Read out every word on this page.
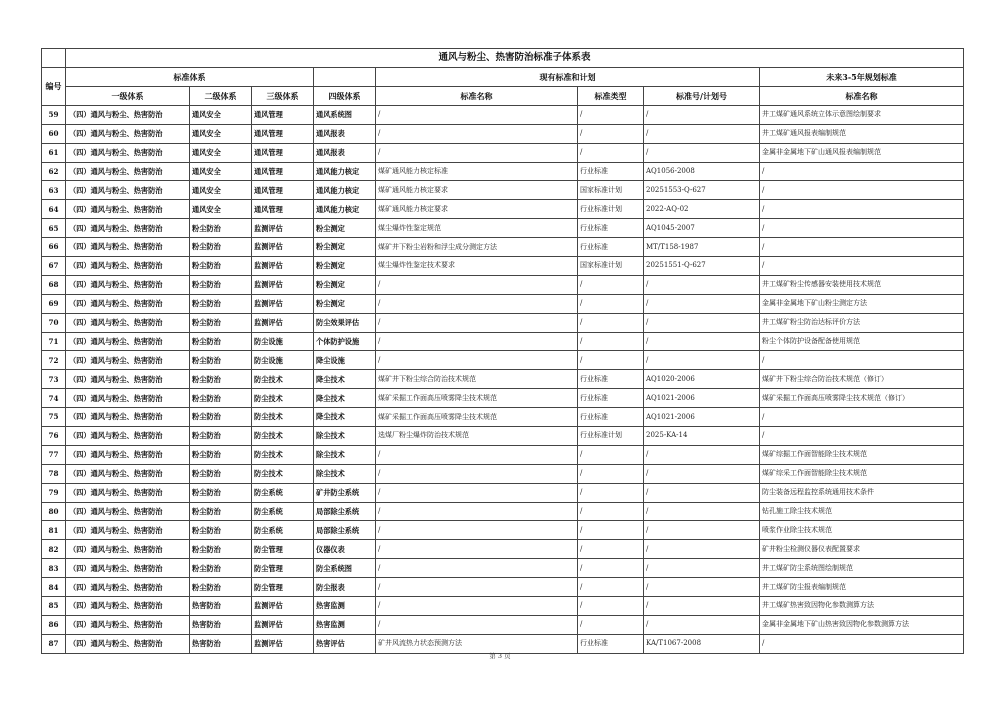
	通风与粉尘、热害防治标准子体系表							
编号	标准体系				现有标准和计划			未来3-5年规划标准
	一级体系	二级体系	三级体系	四级体系	标准名称	标准类型	标准号/计划号	标准名称
59	（四）通风与粉尘、热害防治	通风安全	通风管理	通风系统图	/	/	/	井工煤矿通风系统立体示意图绘制要求
60	（四）通风与粉尘、热害防治	通风安全	通风管理	通风报表	/	/	/	井工煤矿通风报表编制规范
61	（四）通风与粉尘、热害防治	通风安全	通风管理	通风报表	/	/	/	金属非金属地下矿山通风报表编制规范
62	（四）通风与粉尘、热害防治	通风安全	通风管理	通风能力核定	煤矿通风能力核定标准	行业标准	AQ1056-2008	/
63	（四）通风与粉尘、热害防治	通风安全	通风管理	通风能力核定	煤矿通风能力核定要求	国家标准计划	20251553-Q-627	/
64	（四）通风与粉尘、热害防治	通风安全	通风管理	通风能力核定	煤矿通风能力核定要求	行业标准计划	2022-AQ-02	/
65	（四）通风与粉尘、热害防治	粉尘防治	监测评估	粉尘测定	煤尘爆炸性鉴定规范	行业标准	AQ1045-2007	/
66	（四）通风与粉尘、热害防治	粉尘防治	监测评估	粉尘测定	煤矿井下粉尘岩粉和浮尘成分测定方法	行业标准	MT/T158-1987	/
67	（四）通风与粉尘、热害防治	粉尘防治	监测评估	粉尘测定	煤尘爆炸性鉴定技术要求	国家标准计划	20251551-Q-627	/
68	（四）通风与粉尘、热害防治	粉尘防治	监测评估	粉尘测定	/	/	/	井工煤矿粉尘传感器安装使用技术规范
69	（四）通风与粉尘、热害防治	粉尘防治	监测评估	粉尘测定	/	/	/	金属非金属地下矿山粉尘测定方法
70	（四）通风与粉尘、热害防治	粉尘防治	监测评估	防尘效果评估	/	/	/	井工煤矿粉尘防治达标评价方法
71	（四）通风与粉尘、热害防治	粉尘防治	防尘设施	个体防护设施	/	/	/	粉尘个体防护设备配备使用规范
72	（四）通风与粉尘、热害防治	粉尘防治	防尘设施	降尘设施	/	/	/	/
73	（四）通风与粉尘、热害防治	粉尘防治	防尘技术	降尘技术	煤矿井下粉尘综合防治技术规范	行业标准	AQ1020-2006	煤矿井下粉尘综合防治技术规范（修订）
74	（四）通风与粉尘、热害防治	粉尘防治	防尘技术	降尘技术	煤矿采掘工作面高压喷雾降尘技术规范	行业标准	AQ1021-2006	煤矿采掘工作面高压喷雾降尘技术规范（修订）
75	（四）通风与粉尘、热害防治	粉尘防治	防尘技术	降尘技术	煤矿采掘工作面高压喷雾降尘技术规范	行业标准	AQ1021-2006	/
76	（四）通风与粉尘、热害防治	粉尘防治	防尘技术	除尘技术	选煤厂粉尘爆炸防治技术规范	行业标准计划	2025-KA-14	/
77	（四）通风与粉尘、热害防治	粉尘防治	防尘技术	除尘技术	/	/	/	煤矿综掘工作面智能除尘技术规范
78	（四）通风与粉尘、热害防治	粉尘防治	防尘技术	除尘技术	/	/	/	煤矿综采工作面智能除尘技术规范
79	（四）通风与粉尘、热害防治	粉尘防治	防尘系统	矿井防尘系统	/	/	/	防尘装备远程监控系统通用技术条件
80	（四）通风与粉尘、热害防治	粉尘防治	防尘系统	局部除尘系统	/	/	/	钻孔施工除尘技术规范
81	（四）通风与粉尘、热害防治	粉尘防治	防尘系统	局部除尘系统	/	/	/	喷浆作业除尘技术规范
82	（四）通风与粉尘、热害防治	粉尘防治	防尘管理	仪器仪表	/	/	/	矿井粉尘检测仪器仪表配置要求
83	（四）通风与粉尘、热害防治	粉尘防治	防尘管理	防尘系统图	/	/	/	井工煤矿防尘系统图绘制规范
84	（四）通风与粉尘、热害防治	粉尘防治	防尘管理	防尘报表	/	/	/	井工煤矿防尘报表编制规范
85	（四）通风与粉尘、热害防治	热害防治	监测评估	热害监测	/	/	/	井工煤矿热害致因物化参数测算方法
86	（四）通风与粉尘、热害防治	热害防治	监测评估	热害监测	/	/	/	金属非金属地下矿山热害致因物化参数测算方法
87	（四）通风与粉尘、热害防治	热害防治	监测评估	热害评估	矿井风流热力状态预测方法	行业标准	KA/T1067-2008	/
第 3 页
